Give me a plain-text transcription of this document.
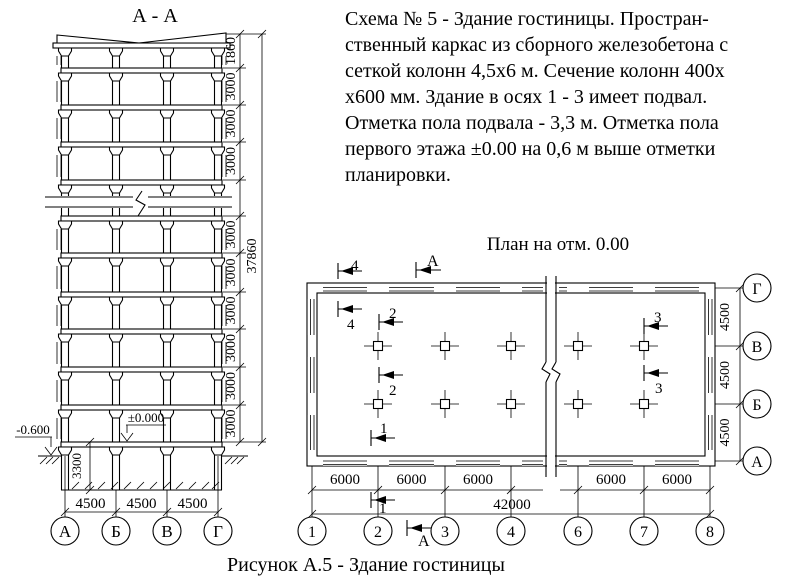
А - А
±0.000
-0.600
3300
1860
3000
3000
3000
3000
3000
3000
3000
3000
3000
37860
4500 4500 4500
А Б В Г
План на отм. 0.00
4	А
4
2
2
3
3
1
1
А
4500
4500
4500
Г
В
Б
А
6000 6000 6000	6000 6000
42000
1	2	3	4	6	7	8
Схема № 5 - Здание гостиницы. Простран-
ственный каркас из сборного железобетона с
сеткой колонн 4,5х6 м. Сечение колонн 400х
х600 мм. Здание в осях 1 - 3 имеет подвал.
Отметка пола подвала - 3,3 м. Отметка пола
первого этажа ±0.00 на 0,6 м выше отметки
планировки.
Рисунок А.5 - Здание гостиницы
